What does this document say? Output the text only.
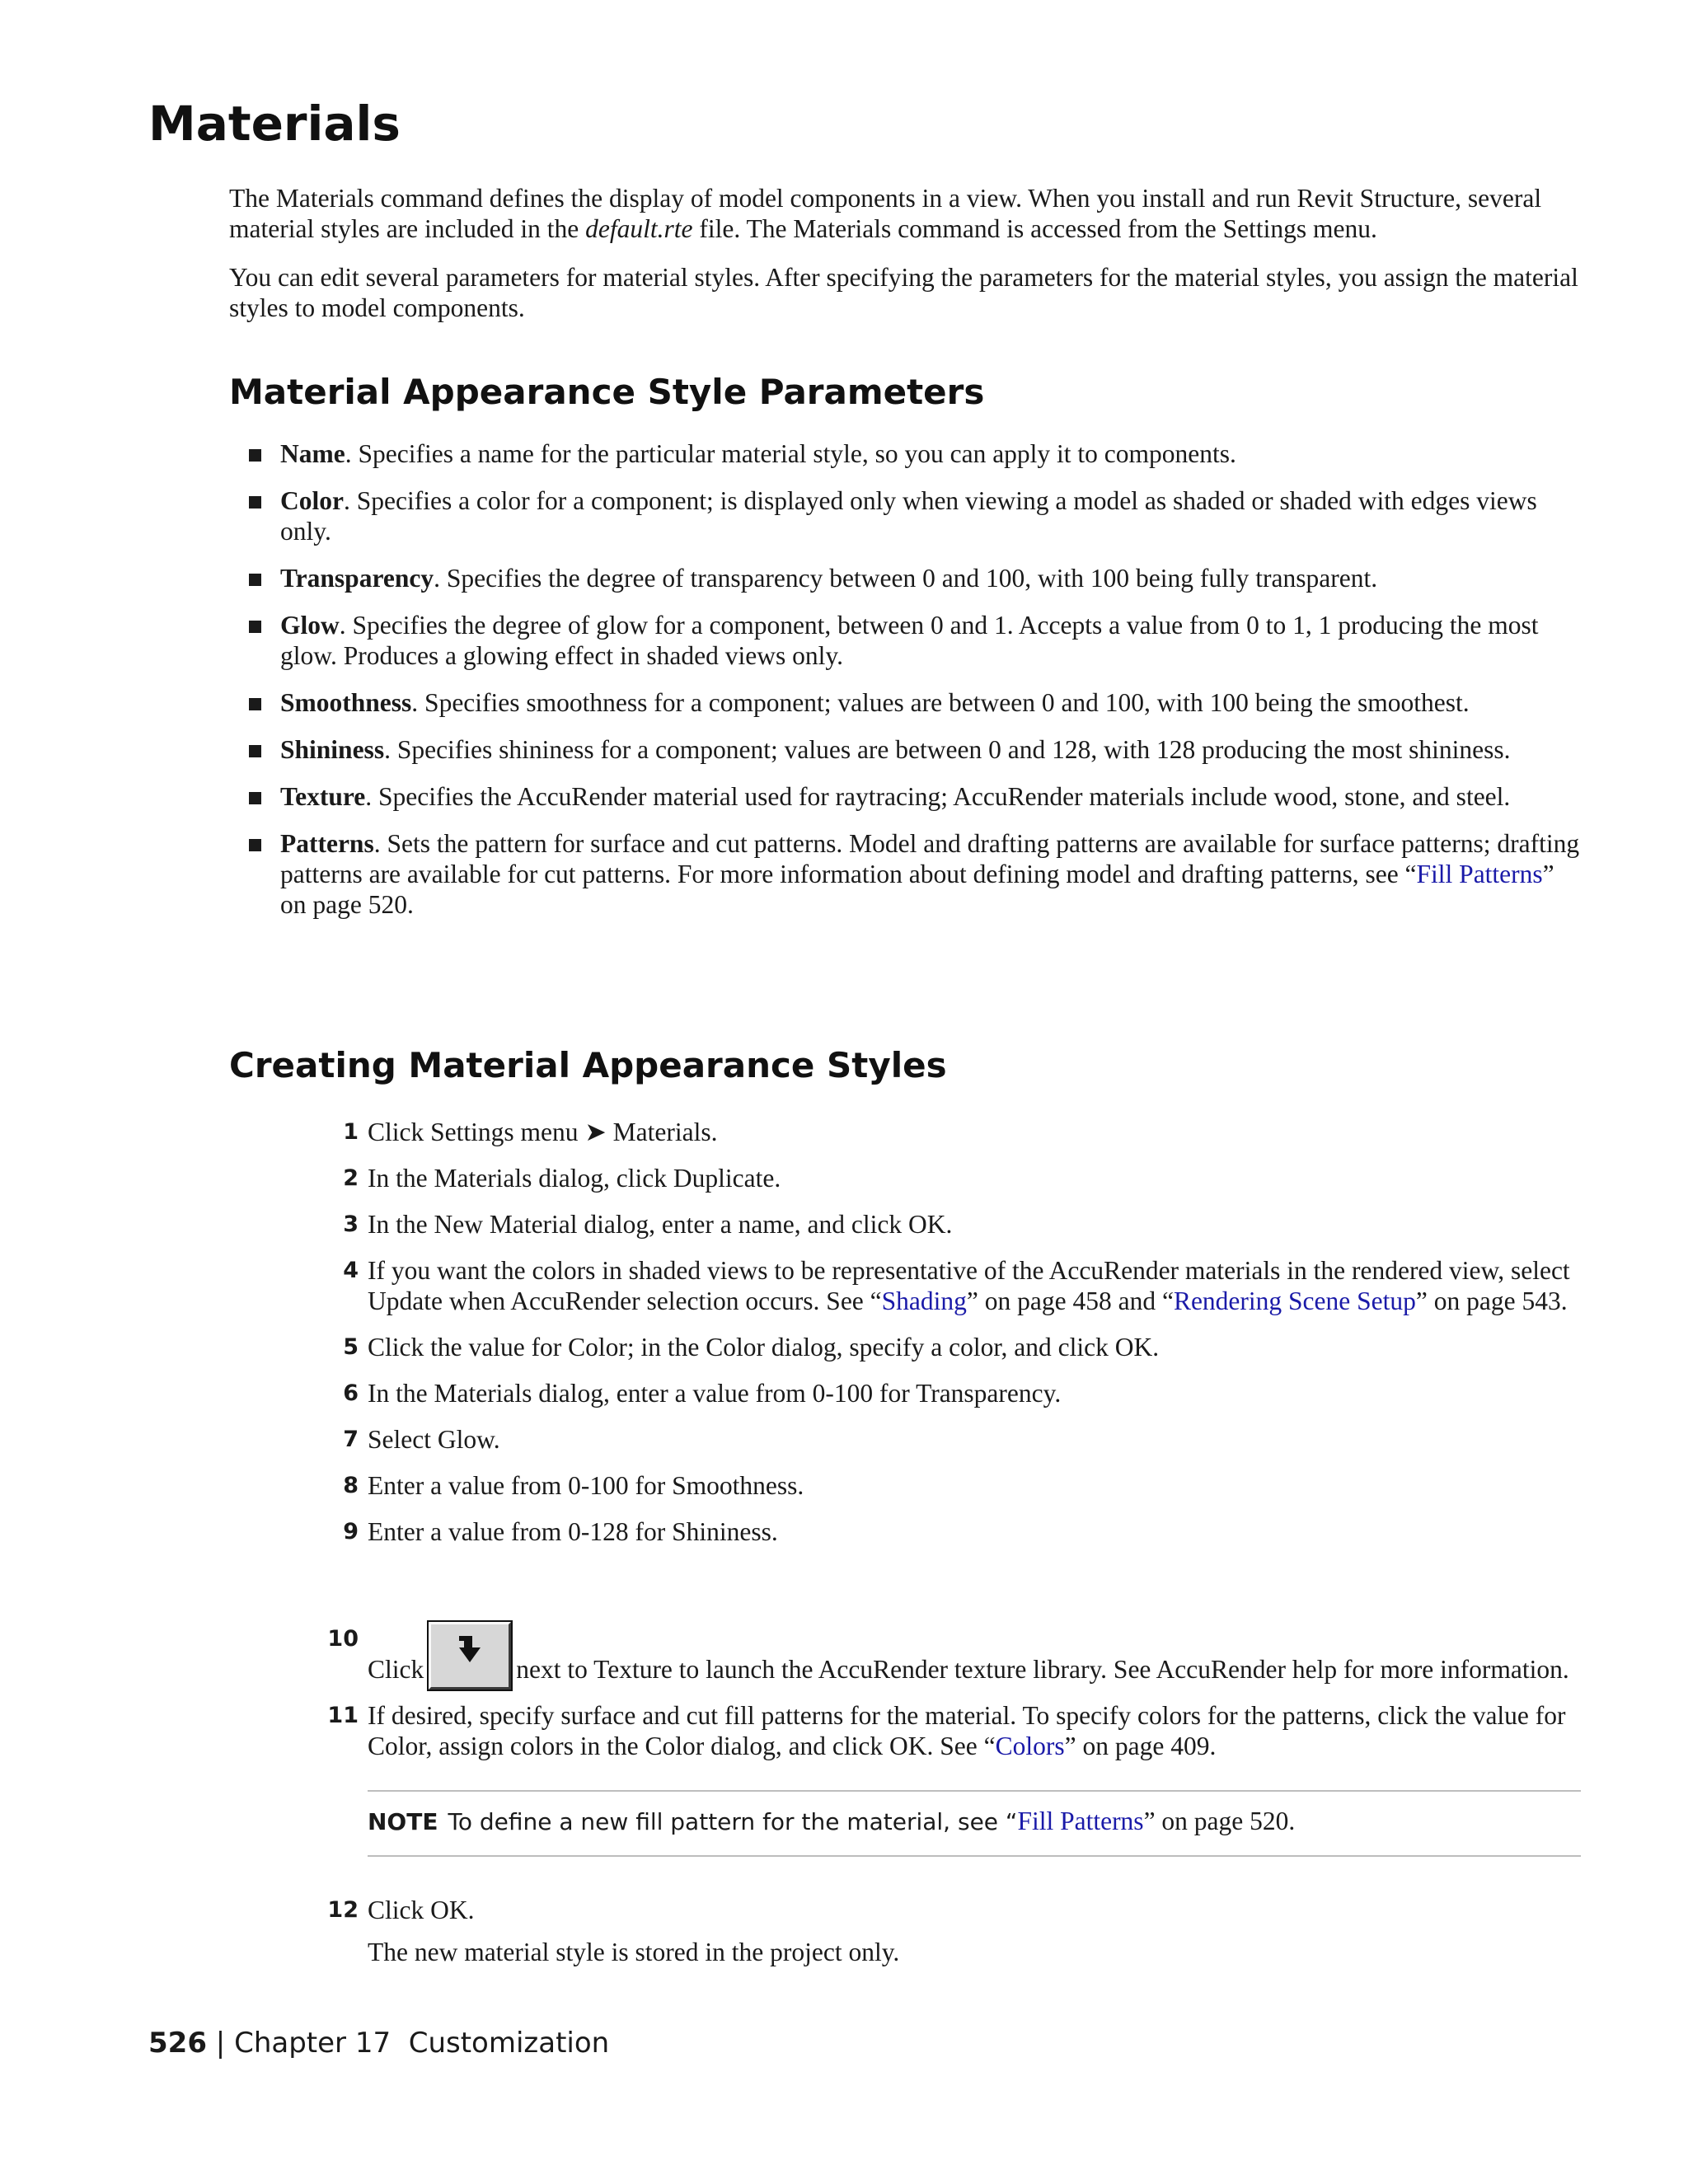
Materials

The Materials command defines the display of model components in a view. When you install and run Revit Structure, several material styles are included in the default.rte file. The Materials command is accessed from the Settings menu.

You can edit several parameters for material styles. After specifying the parameters for the material styles, you assign the material styles to model components.

Material Appearance Style Parameters
Name. Specifies a name for the particular material style, so you can apply it to components.
Color. Specifies a color for a component; is displayed only when viewing a model as shaded or shaded with edges views only.
Transparency. Specifies the degree of transparency between 0 and 100, with 100 being fully transparent.
Glow. Specifies the degree of glow for a component, between 0 and 1. Accepts a value from 0 to 1, 1 producing the most glow. Produces a glowing effect in shaded views only.
Smoothness. Specifies smoothness for a component; values are between 0 and 100, with 100 being the smoothest.
Shininess. Specifies shininess for a component; values are between 0 and 128, with 128 producing the most shininess.
Texture. Specifies the AccuRender material used for raytracing; AccuRender materials include wood, stone, and steel.
Patterns. Sets the pattern for surface and cut patterns. Model and drafting patterns are available for surface patterns; drafting patterns are available for cut patterns. For more information about defining model and drafting patterns, see “Fill Patterns” on page 520.
Creating Material Appearance Styles
1 Click Settings menu ➤ Materials.
2 In the Materials dialog, click Duplicate.
3 In the New Material dialog, enter a name, and click OK.
4 If you want the colors in shaded views to be representative of the AccuRender materials in the rendered view, select Update when AccuRender selection occurs. See “Shading” on page 458 and “Rendering Scene Setup” on page 543.
5 Click the value for Color; in the Color dialog, specify a color, and click OK.
6 In the Materials dialog, enter a value from 0-100 for Transparency.
7 Select Glow.
8 Enter a value from 0-100 for Smoothness.
9 Enter a value from 0-128 for Shininess.
10
Click	next to Texture to launch the AccuRender texture library. See AccuRender help for more information.
11 If desired, specify surface and cut fill patterns for the material. To specify colors for the patterns, click the value for Color, assign colors in the Color dialog, and click OK. See “Colors” on page 409.
NOTE To define a new fill pattern for the material, see “Fill Patterns” on page 520.
12 Click OK.
The new material style is stored in the project only.
526 | Chapter 17 Customization
